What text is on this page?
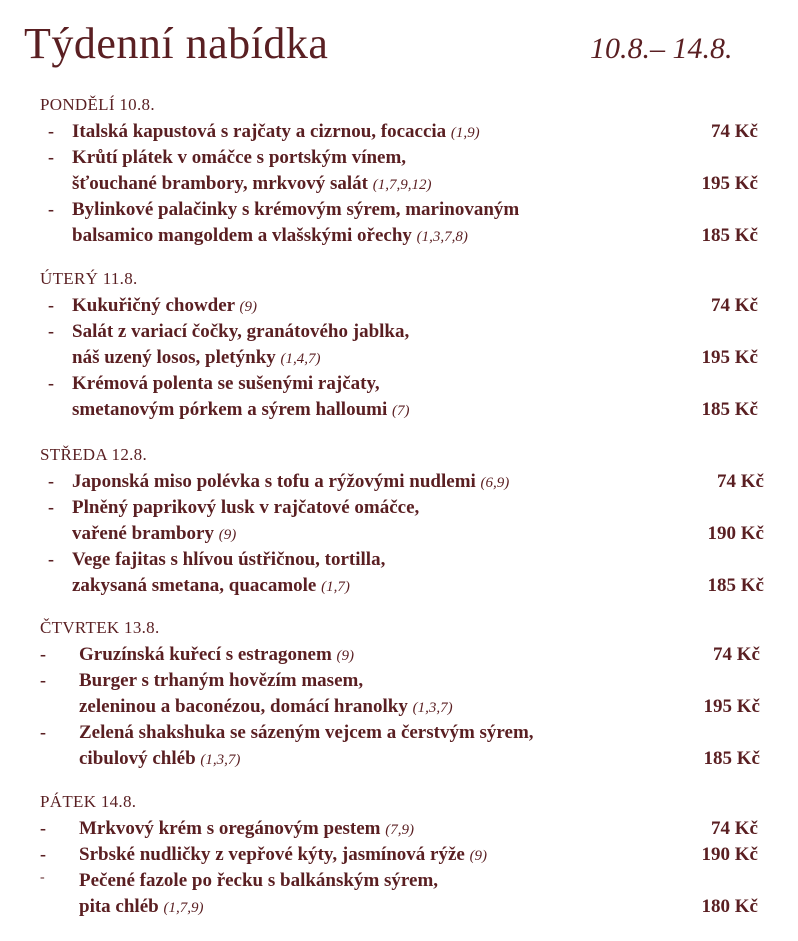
Týdenní nabídka	10.8.– 14.8.
PONDĚLÍ 10.8.
- Italská kapustová s rajčaty a cizrnou, focaccia (1,9)	74 Kč
- Krůtí plátek v omáčce s portským vínem,
šťouchané brambory, mrkvový salát (1,7,9,12)	195 Kč
- Bylinkové palačinky s krémovým sýrem, marinovaným
balsamico mangoldem a vlašskými ořechy (1,3,7,8)	185 Kč
ÚTERÝ 11.8.
- Kukuřičný chowder (9)	74 Kč
- Salát z variací čočky, granátového jablka,
náš uzený losos, pletýnky (1,4,7)	195 Kč
- Krémová polenta se sušenými rajčaty,
smetanovým pórkem a sýrem halloumi (7)	185 Kč
STŘEDA 12.8.
- Japonská miso polévka s tofu a rýžovými nudlemi (6,9)	74 Kč
- Plněný paprikový lusk v rajčatové omáčce,
vařené brambory (9)	190 Kč
- Vege fajitas s hlívou ústřičnou, tortilla,
zakysaná smetana, quacamole (1,7)	185 Kč
ČTVRTEK 13.8.
- Gruzínská kuřecí s estragonem (9)	74 Kč
- Burger s trhaným hovězím masem,
zeleninou a baconézou, domácí hranolky (1,3,7)	195 Kč
- Zelená shakshuka se sázeným vejcem a čerstvým sýrem,
cibulový chléb (1,3,7)	185 Kč
PÁTEK 14.8.
- Mrkvový krém s oregánovým pestem (7,9)	74 Kč
- Srbské nudličky z vepřové kýty, jasmínová rýže (9)	190 Kč
- Pečené fazole po řecku s balkánským sýrem,
pita chléb (1,7,9)	180 Kč
